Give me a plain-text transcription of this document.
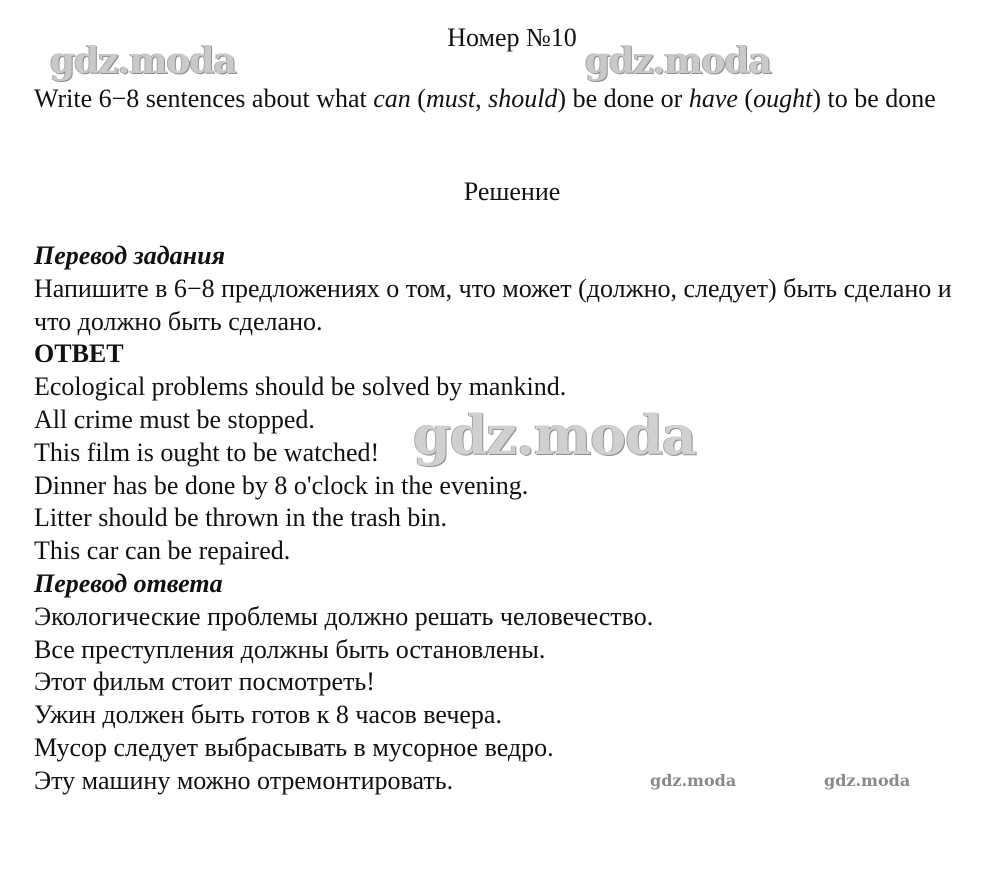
Номер №10

Write 6−8 sentences about what can (must, should) be done or have (ought) to be done

Решение
Перевод задания
Напишите в 6−8 предложениях о том, что может (должно, следует) быть сделано и что должно быть сделано.
ОТВЕТ
Ecological problems should be solved by mankind.
All crime must be stopped.
This film is ought to be watched!
Dinner has be done by 8 o'clock in the evening.
Litter should be thrown in the trash bin.
This car can be repaired.
Перевод ответа
Экологические проблемы должно решать человечество.
Все преступления должны быть остановлены.
Этот фильм стоит посмотреть!
Ужин должен быть готов к 8 часов вечера.
Мусор следует выбрасывать в мусорное ведро.
Эту машину можно отремонтировать.
gdz.moda	gdz.moda
gdz.moda
gdz.moda	gdz.moda
